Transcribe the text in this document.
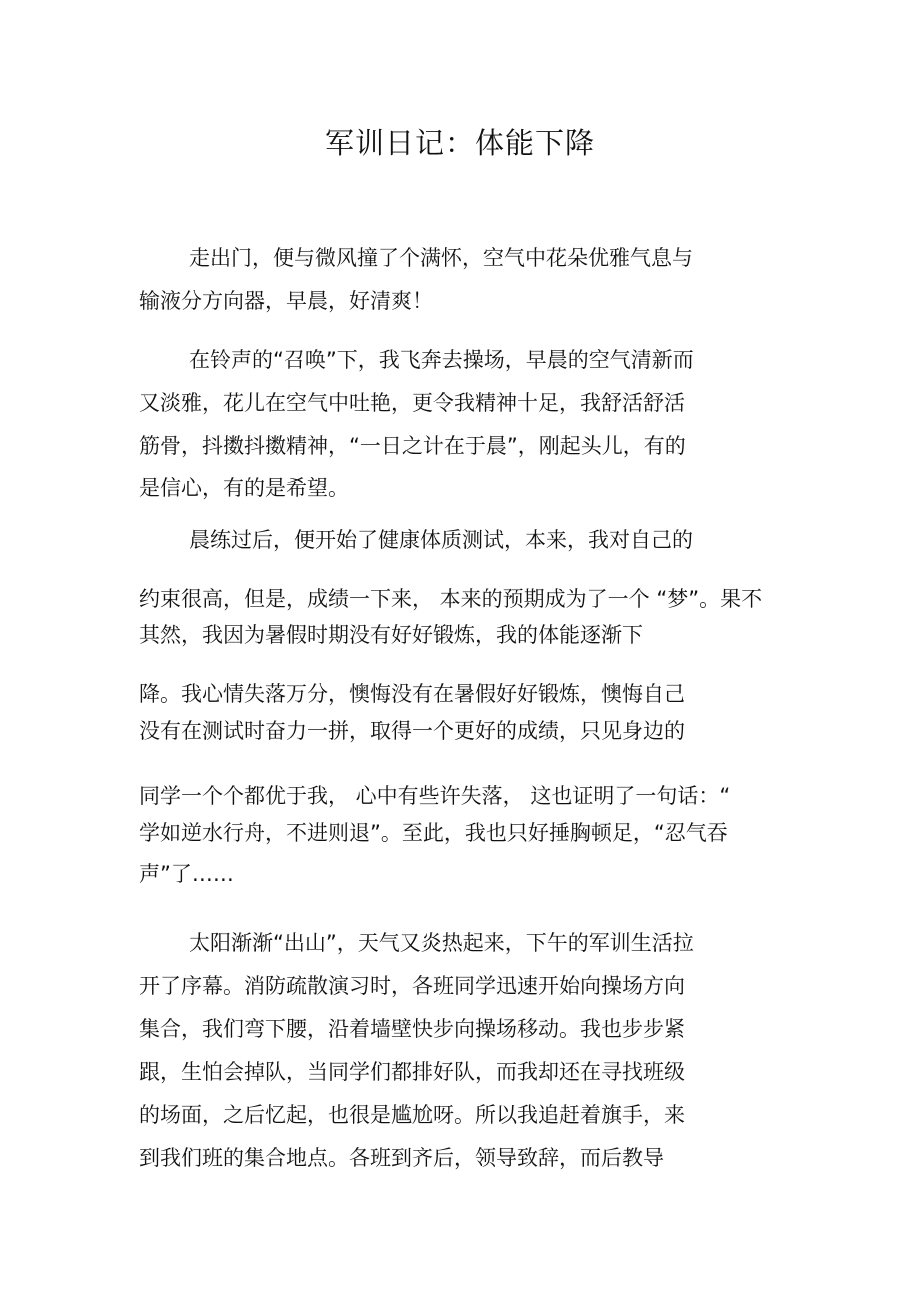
军训日记：体能下降
走出门，便与微风撞了个满怀，空气中花朵优雅气息与
输液分方向器，早晨，好清爽！
在铃声的“召唤”下，我飞奔去操场，早晨的空气清新而
又淡雅，花儿在空气中吐艳，更令我精神十足，我舒活舒活
筋骨，抖擞抖擞精神，“一日之计在于晨”，刚起头儿，有的
是信心，有的是希望。
晨练过后，便开始了健康体质测试，本来，我对自己的
约束很高，但是，成绩一下来， 本来的预期成为了一个 “梦”。果不
其然，我因为暑假时期没有好好锻炼，我的体能逐渐下
降。我心情失落万分，懊悔没有在暑假好好锻炼，懊悔自己
没有在测试时奋力一拼，取得一个更好的成绩，只见身边的
同学一个个都优于我， 心中有些许失落， 这也证明了一句话：“
学如逆水行舟，不进则退”。至此，我也只好捶胸顿足，“忍气吞
声”了……
太阳渐渐“出山”，天气又炎热起来，下午的军训生活拉
开了序幕。消防疏散演习时，各班同学迅速开始向操场方向
集合，我们弯下腰，沿着墙壁快步向操场移动。我也步步紧
跟，生怕会掉队，当同学们都排好队，而我却还在寻找班级
的场面，之后忆起，也很是尴尬呀。所以我追赶着旗手，来
到我们班的集合地点。各班到齐后，领导致辞，而后教导
